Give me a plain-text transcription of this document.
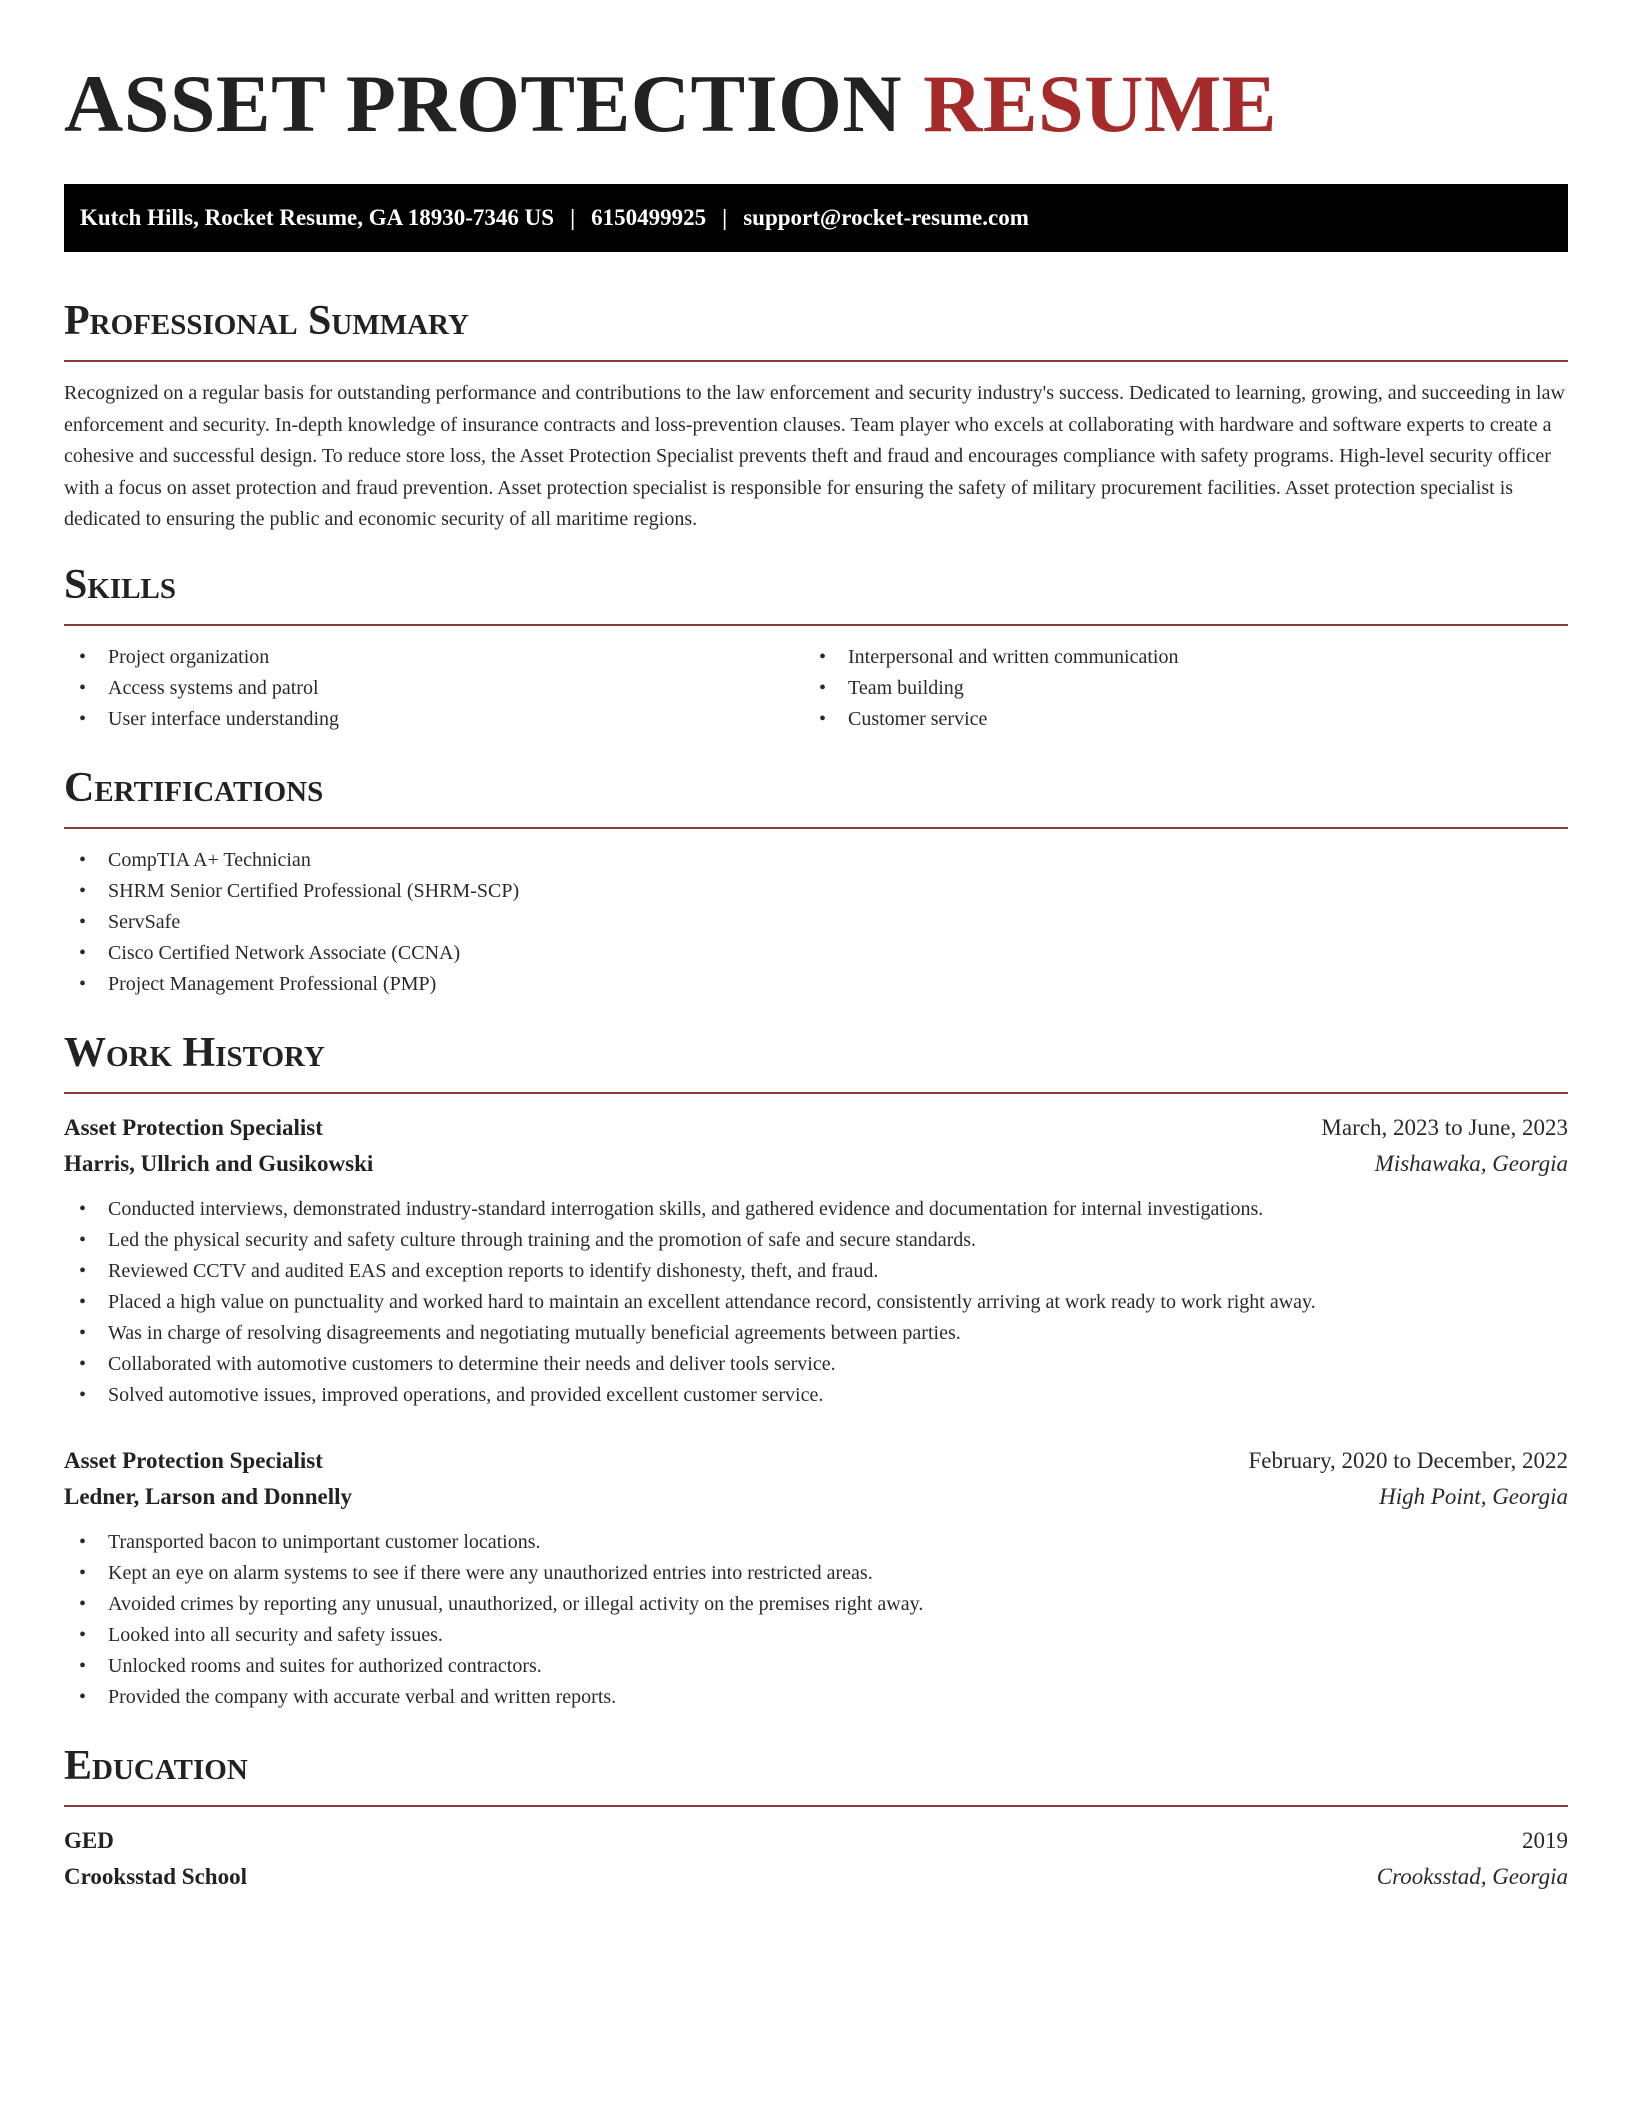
ASSET PROTECTION RESUME
Kutch Hills, Rocket Resume, GA 18930-7346 US | 6150499925 | support@rocket-resume.com
Professional Summary

Recognized on a regular basis for outstanding performance and contributions to the law enforcement and security industry's success. Dedicated to learning, growing, and succeeding in law enforcement and security. In-depth knowledge of insurance contracts and loss-prevention clauses. Team player who excels at collaborating with hardware and software experts to create a cohesive and successful design. To reduce store loss, the Asset Protection Specialist prevents theft and fraud and encourages compliance with safety programs. High-level security officer with a focus on asset protection and fraud prevention. Asset protection specialist is responsible for ensuring the safety of military procurement facilities. Asset protection specialist is dedicated to ensuring the public and economic security of all maritime regions.

Skills
• Project organization
• Access systems and patrol
• User interface understanding
• Interpersonal and written communication
• Team building
• Customer service
Certifications
• CompTIA A+ Technician
• SHRM Senior Certified Professional (SHRM-SCP)
• ServSafe
• Cisco Certified Network Associate (CCNA)
• Project Management Professional (PMP)
Work History
Asset Protection Specialist	March, 2023 to June, 2023
Harris, Ullrich and Gusikowski	Mishawaka, Georgia
• Conducted interviews, demonstrated industry-standard interrogation skills, and gathered evidence and documentation for internal investigations.
• Led the physical security and safety culture through training and the promotion of safe and secure standards.
• Reviewed CCTV and audited EAS and exception reports to identify dishonesty, theft, and fraud.
• Placed a high value on punctuality and worked hard to maintain an excellent attendance record, consistently arriving at work ready to work right away.
• Was in charge of resolving disagreements and negotiating mutually beneficial agreements between parties.
• Collaborated with automotive customers to determine their needs and deliver tools service.
• Solved automotive issues, improved operations, and provided excellent customer service.
Asset Protection Specialist	February, 2020 to December, 2022
Ledner, Larson and Donnelly	High Point, Georgia
• Transported bacon to unimportant customer locations.
• Kept an eye on alarm systems to see if there were any unauthorized entries into restricted areas.
• Avoided crimes by reporting any unusual, unauthorized, or illegal activity on the premises right away.
• Looked into all security and safety issues.
• Unlocked rooms and suites for authorized contractors.
• Provided the company with accurate verbal and written reports.
Education
GED	2019
Crooksstad School	Crooksstad, Georgia
